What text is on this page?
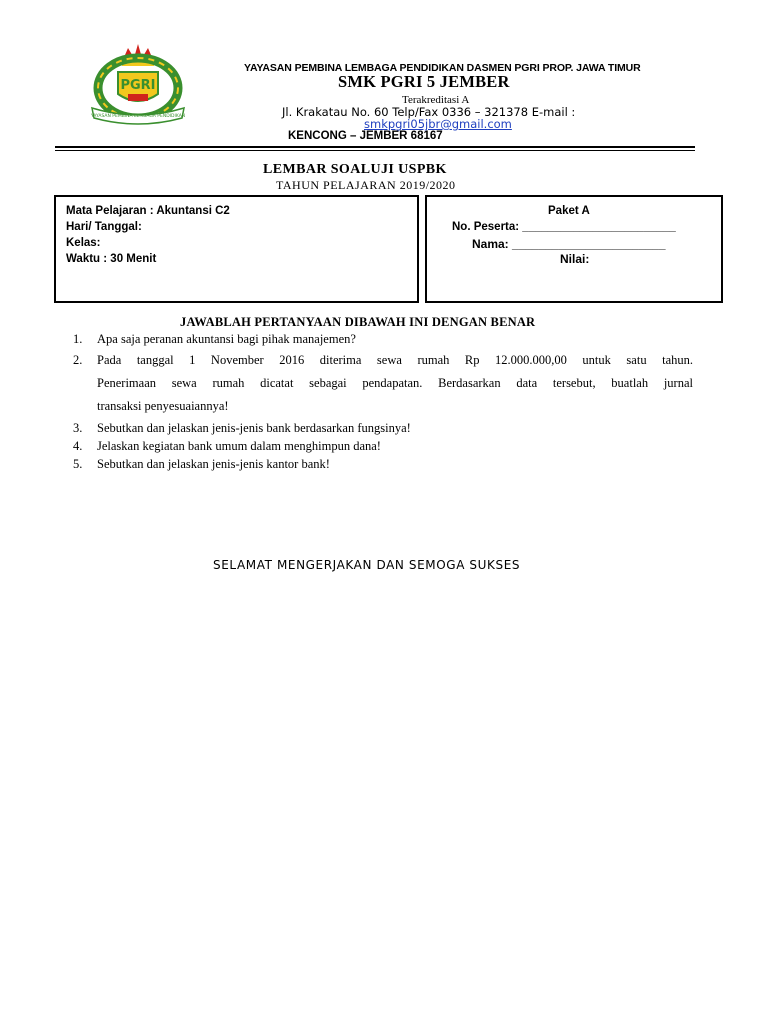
PGRI
YAYASAN PEMBINA LEMBAGA PENDIDIKAN
YAYASAN PEMBINA LEMBAGA PENDIDIKAN DASMEN PGRI PROP. JAWA TIMUR
SMK PGRI 5 JEMBER
Terakreditasi A
Jl. Krakatau No. 60 Telp/Fax 0336 – 321378 E-mail :
smkpgri05jbr@gmail.com
KENCONG – JEMBER 68167
LEMBAR SOALUJI USPBK
TAHUN PELAJARAN 2019/2020
Mata Pelajaran : Akuntansi C2
Hari/ Tanggal:
Kelas:
Waktu : 30 Menit
Paket A
No. Peserta: ________________________
Nama: _______________________
Nilai:
JAWABLAH PERTANYAAN DIBAWAH INI DENGAN BENAR
1. Apa saja peranan akuntansi bagi pihak manajemen?
2. Pada tanggal 1 November 2016 diterima sewa rumah Rp 12.000.000,00 untuk satu tahun.
Penerimaan sewa rumah dicatat sebagai pendapatan. Berdasarkan data tersebut, buatlah jurnal
transaksi penyesuaiannya!
3. Sebutkan dan jelaskan jenis-jenis bank berdasarkan fungsinya!
4. Jelaskan kegiatan bank umum dalam menghimpun dana!
5. Sebutkan dan jelaskan jenis-jenis kantor bank!
SELAMAT MENGERJAKAN DAN SEMOGA SUKSES
